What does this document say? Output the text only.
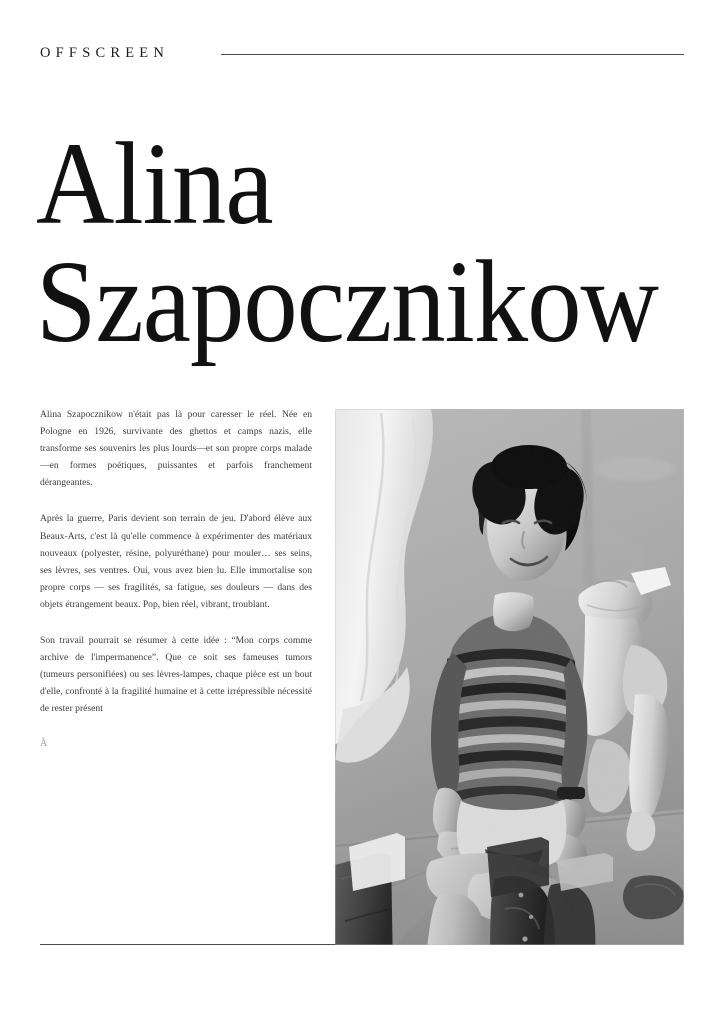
OFFSCREEN
Alina
Szapocznikow

Alina Szapocznikow n'était pas là pour caresser le réel. Née en Pologne en 1926, survivante des ghettos et camps nazis, elle transforme ses souvenirs les plus lourds—et son propre corps malade—en formes poétiques, puissantes et parfois franchement dérangeantes.

Après la guerre, Paris devient son terrain de jeu. D'abord élève aux Beaux-Arts, c'est là qu'elle commence à expérimenter des matériaux nouveaux (polyester, résine, polyuréthane) pour mouler… ses seins, ses lèvres, ses ventres. Oui, vous avez bien lu. Elle immortalise son propre corps — ses fragilités, sa fatigue, ses douleurs — dans des objets étrangement beaux. Pop, bien réel, vibrant, troublant.

Son travail pourrait se résumer à cette idée : “Mon corps comme archive de l'impermanence”. Que ce soit ses fameuses tumors (tumeurs personifiées) ou ses lèvres-lampes, chaque pièce est un bout d'elle, confronté à la fragilité humaine et à cette irrépressible nécessité de rester présent

À
